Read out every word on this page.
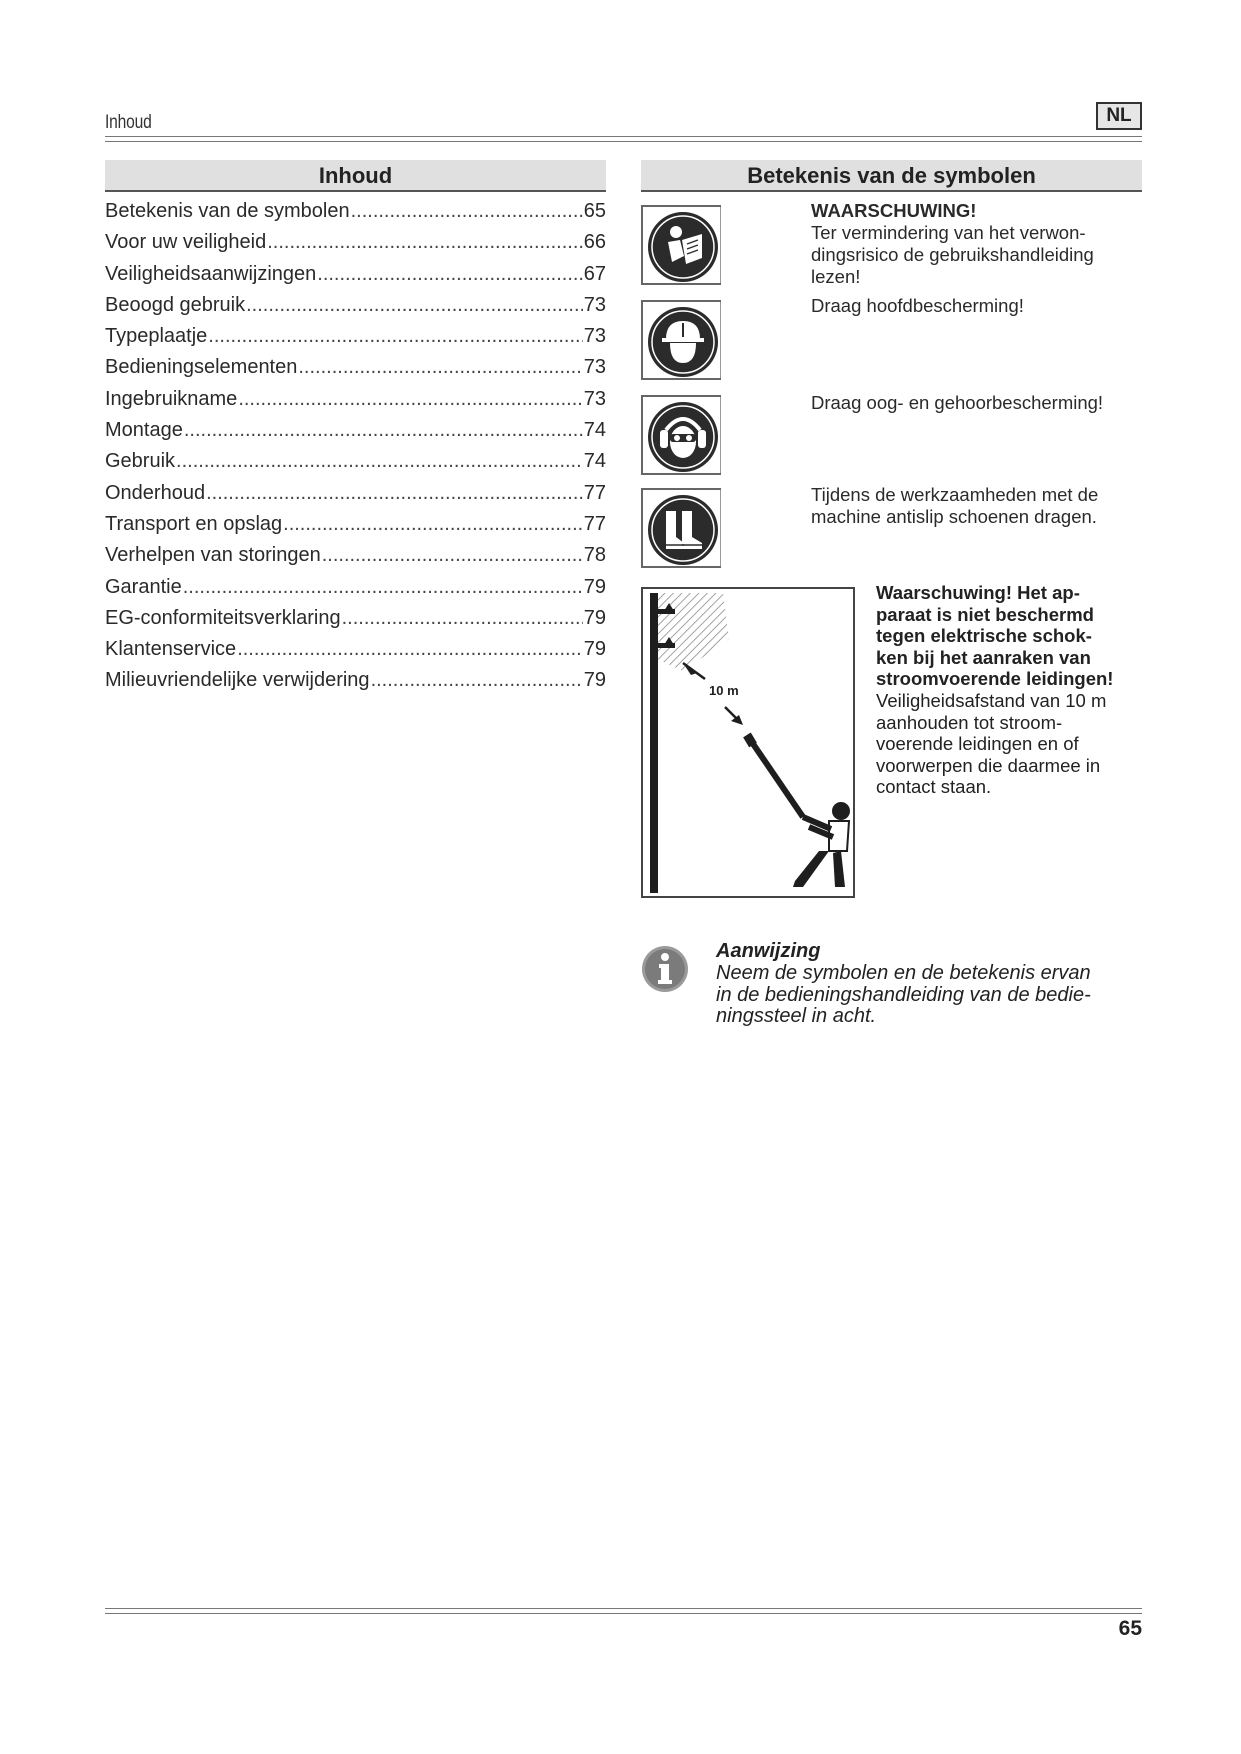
Inhoud	NL
Inhoud
Betekenis van de symbolen .....	65
Voor uw veiligheid .....	66
Veiligheidsaanwijzingen .....	67
Beoogd gebruik .....	73
Typeplaatje .....	73
Bedieningselementen .....	73
Ingebruikname .....	73
Montage .....	74
Gebruik .....	74
Onderhoud .....	77
Transport en opslag .....	77
Verhelpen van storingen .....	78
Garantie .....	79
EG-conformiteitsverklaring .....	79
Klantenservice .....	79
Milieuvriendelijke verwijdering .....	79
Betekenis van de symbolen
WAARSCHUWING!
Ter vermindering van het verwon-
dingsrisico de gebruikshandleiding
lezen!
Draag hoofdbescherming!
Draag oog- en gehoorbescherming!
Tijdens de werkzaamheden met de
machine antislip schoenen dragen.
10 m
Waarschuwing! Het ap-
paraat is niet beschermd
tegen elektrische schok-
ken bij het aanraken van
stroomvoerende leidingen!
Veiligheidsafstand van 10 m
aanhouden tot stroom-
voerende leidingen en of
voorwerpen die daarmee in
contact staan.
Aanwijzing
Neem de symbolen en de betekenis ervan
in de bedieningshandleiding van de bedie-
ningssteel in acht.
65
